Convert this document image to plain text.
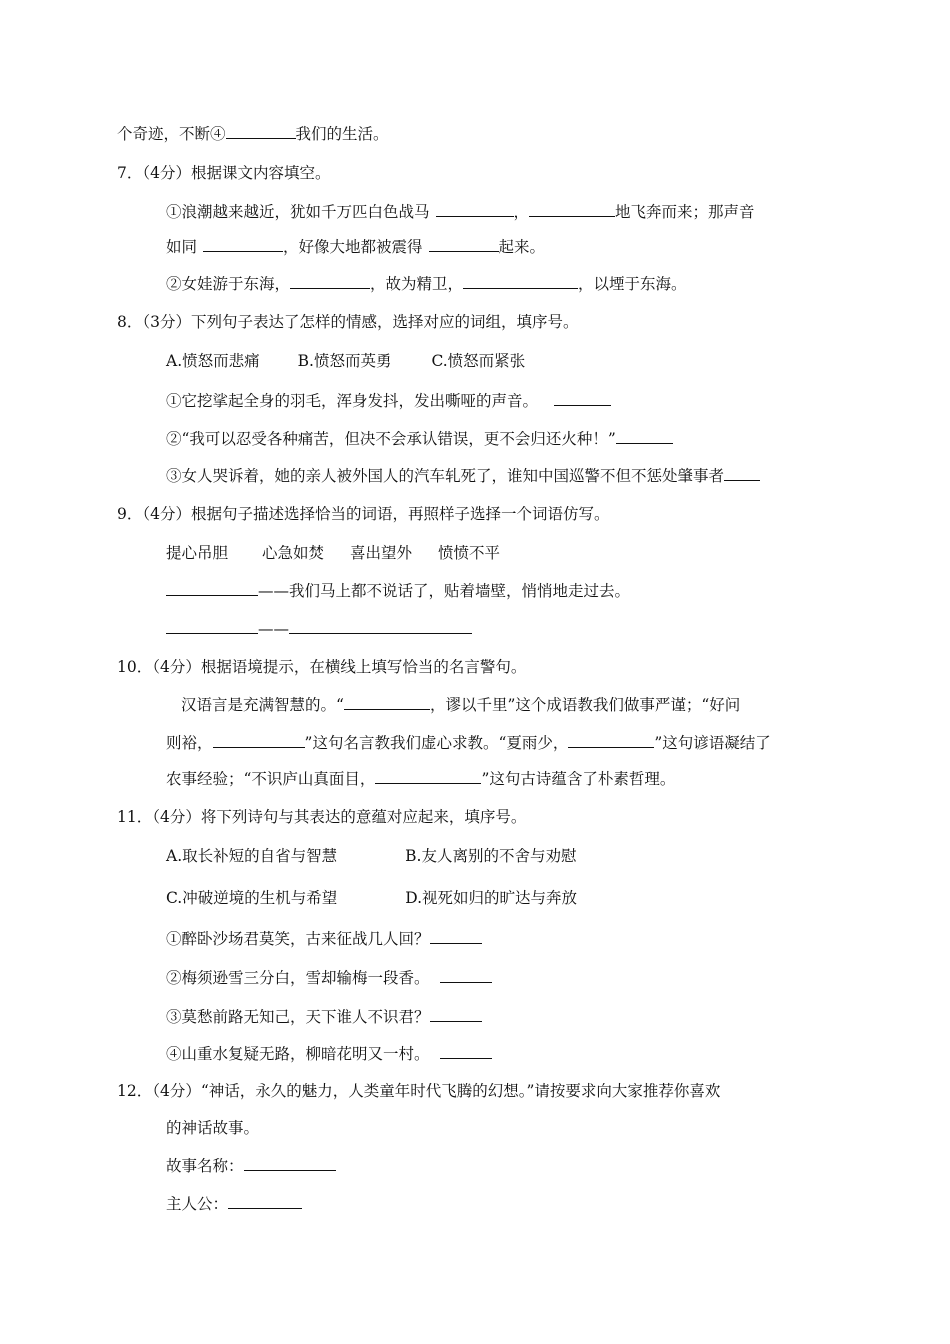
个奇迹，不断④	我们的生活。
7．（4分）根据课文内容填空。
①浪潮越来越近，犹如千万匹白色战马	，	地飞奔而来；那声音
如同	，好像大地都被震得	起来。
②女娃游于东海，	，故为精卫，	，以堙于东海。
8．（3分）下列句子表达了怎样的情感，选择对应的词组，填序号。
A.愤怒而悲痛 B.愤怒而英勇	C.愤怒而紧张
①它挖挲起全身的羽毛，浑身发抖，发出嘶哑的声音。
②“我可以忍受各种痛苦，但决不会承认错误，更不会归还火种！”
③女人哭诉着，她的亲人被外国人的汽车轧死了，谁知中国巡警不但不惩处肇事者
9．（4分）根据句子描述选择恰当的词语，再照样子选择一个词语仿写。
提心吊胆 心急如焚 喜出望外 愤愤不平
——我们马上都不说话了，贴着墙壁，悄悄地走过去。
——
10．（4分）根据语境提示，在横线上填写恰当的名言警句。
汉语言是充满智慧的。“	，谬以千里”这个成语教我们做事严谨；“好问
则裕，	”这句名言教我们虚心求教。“夏雨少，	”这句谚语凝结了
农事经验；“不识庐山真面目，	”这句古诗蕴含了朴素哲理。
11．（4分）将下列诗句与其表达的意蕴对应起来，填序号。
A.取长补短的自省与智慧	B.友人离别的不舍与劝慰
C.冲破逆境的生机与希望	D.视死如归的旷达与奔放
①醉卧沙场君莫笑，古来征战几人回？
②梅须逊雪三分白，雪却输梅一段香。
③莫愁前路无知己，天下谁人不识君？
④山重水复疑无路，柳暗花明又一村。
12．（4分）“神话，永久的魅力，人类童年时代飞腾的幻想。”请按要求向大家推荐你喜欢
的神话故事。
故事名称：
主人公：
